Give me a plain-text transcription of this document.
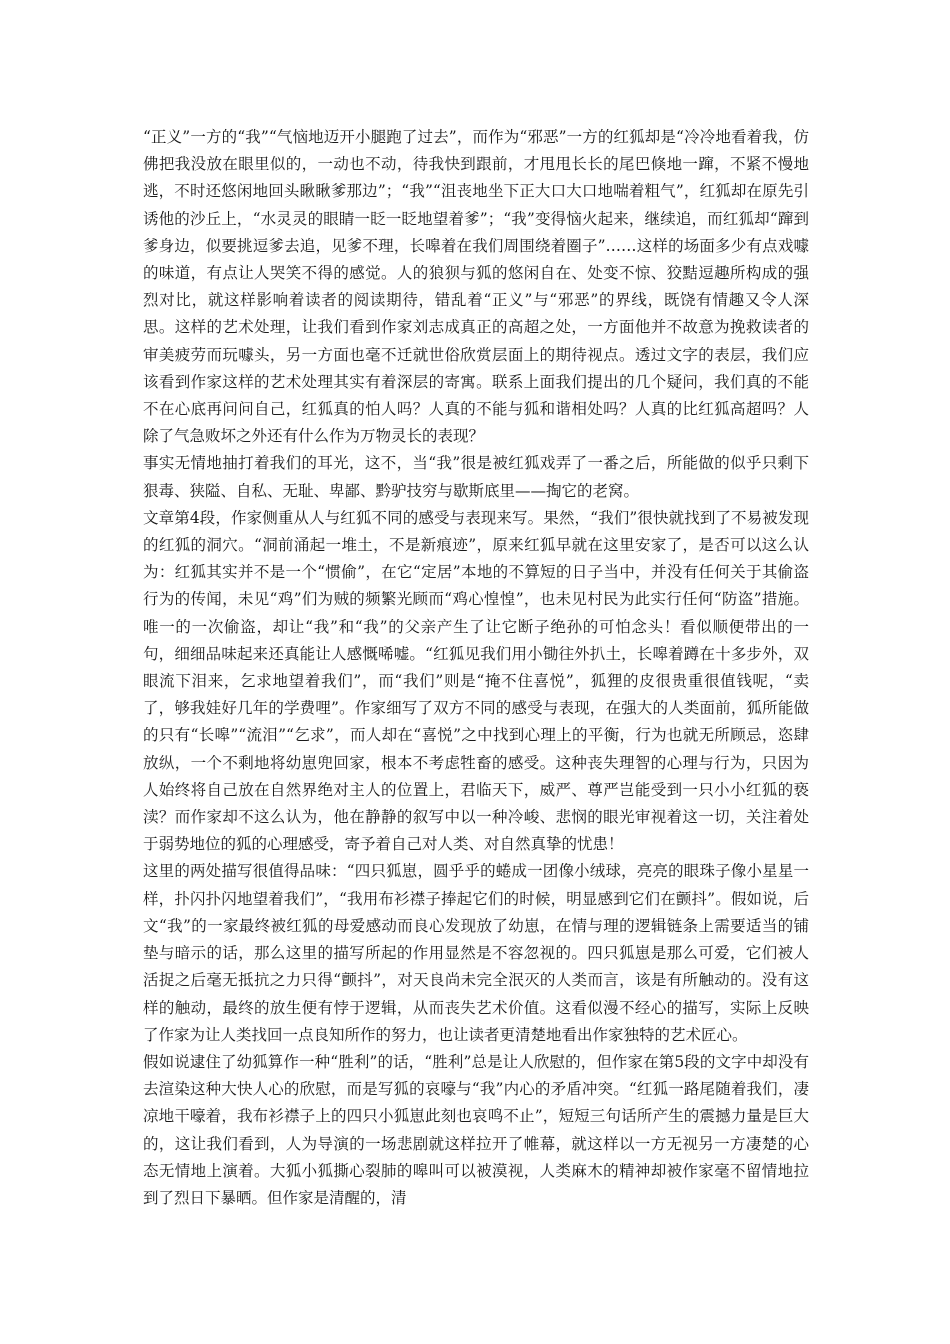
“正义”一方的“我”“气恼地迈开小腿跑了过去”，而作为“邪恶”一方的红狐却是“冷冷地看着我，仿佛把我没放在眼里似的，一动也不动，待我快到跟前，才甩甩长长的尾巴倏地一蹿，不紧不慢地逃，不时还悠闲地回头瞅瞅爹那边”；“我”“沮丧地坐下正大口大口地喘着粗气”，红狐却在原先引诱他的沙丘上，“水灵灵的眼睛一眨一眨地望着爹”；“我”变得恼火起来，继续追，而红狐却“蹿到爹身边，似要挑逗爹去追，见爹不理，长嗥着在我们周围绕着圈子”……这样的场面多少有点戏噱的味道，有点让人哭笑不得的感觉。人的狼狈与狐的悠闲自在、处变不惊、狡黠逗趣所构成的强烈对比，就这样影响着读者的阅读期待，错乱着“正义”与“邪恶”的界线，既饶有情趣又令人深思。这样的艺术处理，让我们看到作家刘志成真正的高超之处，一方面他并不故意为挽救读者的审美疲劳而玩噱头，另一方面也毫不迁就世俗欣赏层面上的期待视点。透过文字的表层，我们应该看到作家这样的艺术处理其实有着深层的寄寓。联系上面我们提出的几个疑问，我们真的不能不在心底再问问自己，红狐真的怕人吗？人真的不能与狐和谐相处吗？人真的比红狐高超吗？人除了气急败坏之外还有什么作为万物灵长的表现？

事实无情地抽打着我们的耳光，这不，当“我”很是被红狐戏弄了一番之后，所能做的似乎只剩下狠毒、狭隘、自私、无耻、卑鄙、黔驴技穷与歇斯底里——掏它的老窝。

文章第4段，作家侧重从人与红狐不同的感受与表现来写。果然，“我们”很快就找到了不易被发现的红狐的洞穴。“洞前涌起一堆土，不是新痕迹”，原来红狐早就在这里安家了，是否可以这么认为：红狐其实并不是一个“惯偷”，在它“定居”本地的不算短的日子当中，并没有任何关于其偷盗行为的传闻，未见“鸡”们为贼的频繁光顾而“鸡心惶惶”，也未见村民为此实行任何“防盗”措施。唯一的一次偷盗，却让“我”和“我”的父亲产生了让它断子绝孙的可怕念头！看似顺便带出的一句，细细品味起来还真能让人感慨唏嘘。“红狐见我们用小锄往外扒土，长嗥着蹲在十多步外，双眼流下泪来，乞求地望着我们”，而“我们”则是“掩不住喜悦”，狐狸的皮很贵重很值钱呢，“卖了，够我娃好几年的学费哩”。作家细写了双方不同的感受与表现，在强大的人类面前，狐所能做的只有“长嗥”“流泪”“乞求”，而人却在“喜悦”之中找到心理上的平衡，行为也就无所顾忌，恣肆放纵，一个不剩地将幼崽兜回家，根本不考虑牲畜的感受。这种丧失理智的心理与行为，只因为人始终将自己放在自然界绝对主人的位置上，君临天下，威严、尊严岂能受到一只小小红狐的亵渎？而作家却不这么认为，他在静静的叙写中以一种冷峻、悲悯的眼光审视着这一切，关注着处于弱势地位的狐的心理感受，寄予着自己对人类、对自然真挚的忧患！

这里的两处描写很值得品味：“四只狐崽，圆乎乎的蜷成一团像小绒球，亮亮的眼珠子像小星星一样，扑闪扑闪地望着我们”，“我用布衫襟子捧起它们的时候，明显感到它们在颤抖”。假如说，后文“我”的一家最终被红狐的母爱感动而良心发现放了幼崽，在情与理的逻辑链条上需要适当的铺垫与暗示的话，那么这里的描写所起的作用显然是不容忽视的。四只狐崽是那么可爱，它们被人活捉之后毫无抵抗之力只得“颤抖”，对天良尚未完全泯灭的人类而言，该是有所触动的。没有这样的触动，最终的放生便有悖于逻辑，从而丧失艺术价值。这看似漫不经心的描写，实际上反映了作家为让人类找回一点良知所作的努力，也让读者更清楚地看出作家独特的艺术匠心。

假如说逮住了幼狐算作一种“胜利”的话，“胜利”总是让人欣慰的，但作家在第5段的文字中却没有去渲染这种大快人心的欣慰，而是写狐的哀嚎与“我”内心的矛盾冲突。“红狐一路尾随着我们，凄凉地干嚎着，我布衫襟子上的四只小狐崽此刻也哀鸣不止”，短短三句话所产生的震撼力量是巨大的，这让我们看到，人为导演的一场悲剧就这样拉开了帷幕，就这样以一方无视另一方凄楚的心态无情地上演着。大狐小狐撕心裂肺的嗥叫可以被漠视，人类麻木的精神却被作家毫不留情地拉到了烈日下暴晒。但作家是清醒的，清
